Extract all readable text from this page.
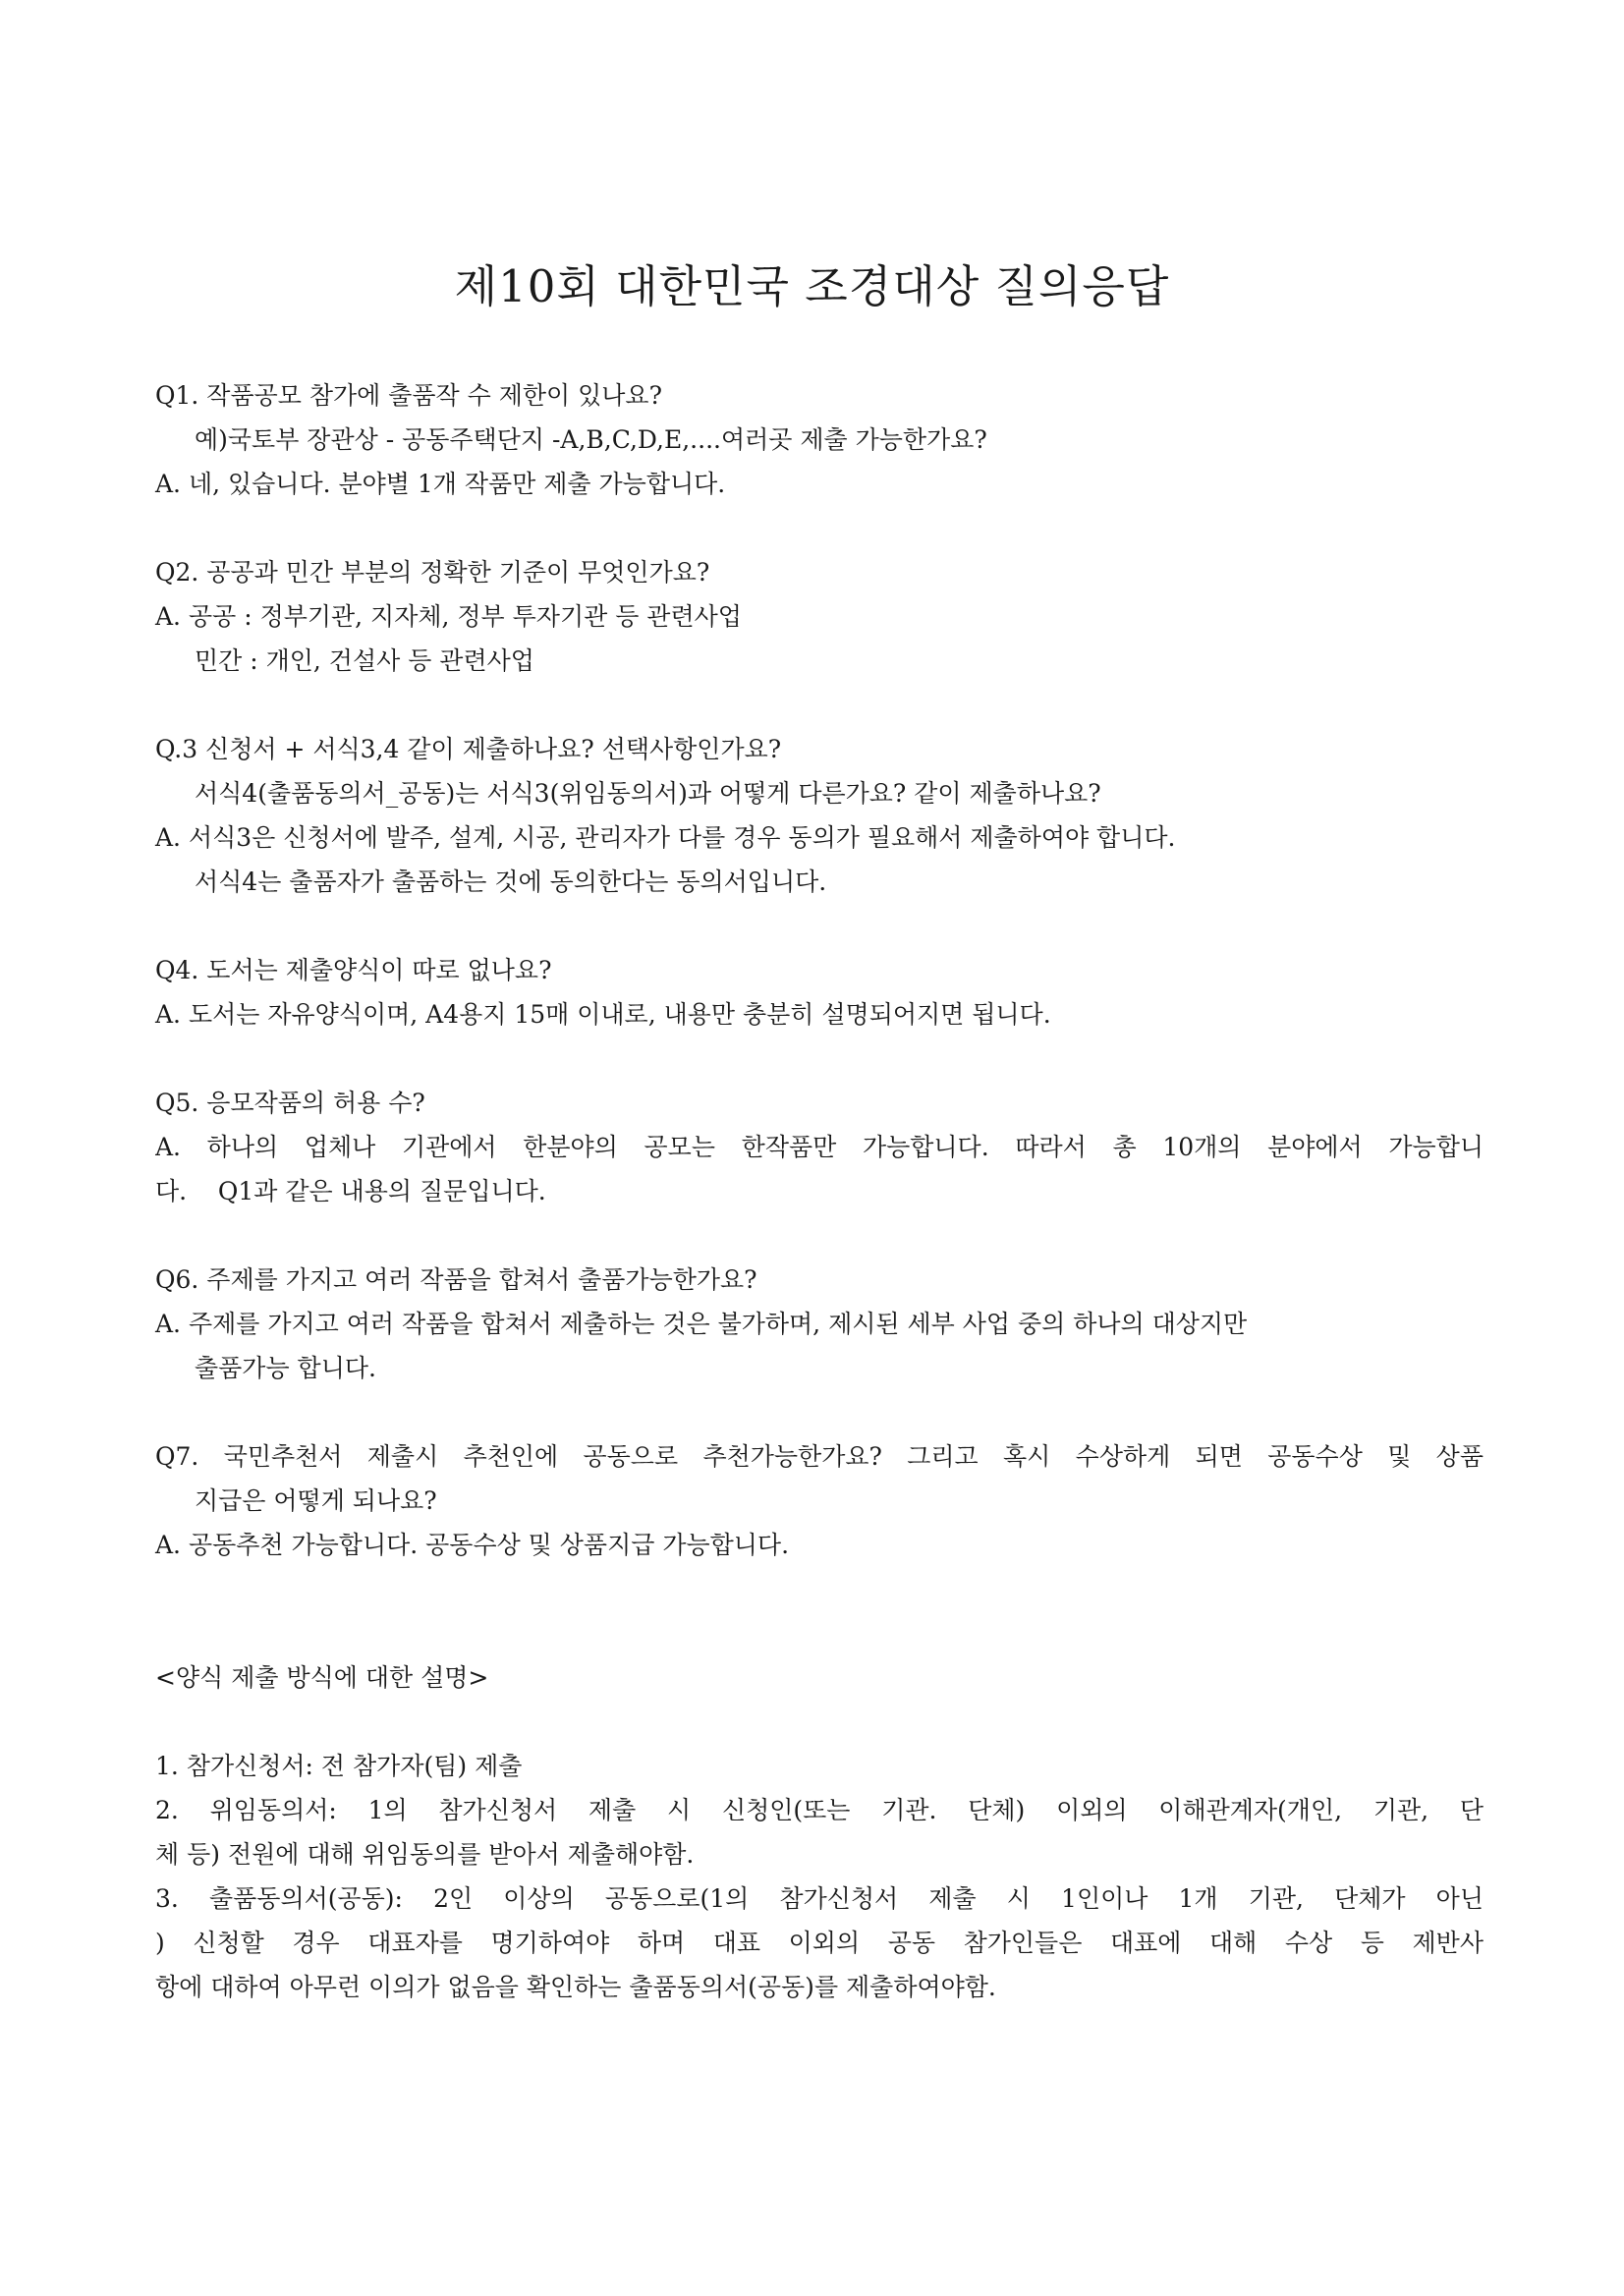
제10회 대한민국 조경대상 질의응답
Q1. 작품공모 참가에 출품작 수 제한이 있나요?
예)국토부 장관상 - 공동주택단지 -A,B,C,D,E,....여러곳 제출 가능한가요?
A. 네, 있습니다. 분야별 1개 작품만 제출 가능합니다.
Q2. 공공과 민간 부분의 정확한 기준이 무엇인가요?
A. 공공 : 정부기관, 지자체, 정부 투자기관 등 관련사업
민간 : 개인, 건설사 등 관련사업
Q.3 신청서 + 서식3,4 같이 제출하나요? 선택사항인가요?
서식4(출품동의서_공동)는 서식3(위임동의서)과 어떻게 다른가요? 같이 제출하나요?
A. 서식3은 신청서에 발주, 설계, 시공, 관리자가 다를 경우 동의가 필요해서 제출하여야 합니다.
서식4는 출품자가 출품하는 것에 동의한다는 동의서입니다.
Q4. 도서는 제출양식이 따로 없나요?
A. 도서는 자유양식이며, A4용지 15매 이내로, 내용만 충분히 설명되어지면 됩니다.
Q5. 응모작품의 허용 수?
A. 하나의 업체나 기관에서 한분야의 공모는 한작품만 가능합니다. 따라서 총 10개의 분야에서 가능합니
다.    Q1과 같은 내용의 질문입니다.
Q6. 주제를 가지고 여러 작품을 합쳐서 출품가능한가요?
A. 주제를 가지고 여러 작품을 합쳐서 제출하는 것은 불가하며, 제시된 세부 사업 중의 하나의 대상지만
출품가능 합니다.
Q7. 국민추천서 제출시 추천인에 공동으로 추천가능한가요? 그리고 혹시 수상하게 되면 공동수상 및 상품
지급은 어떻게 되나요?
A. 공동추천 가능합니다. 공동수상 및 상품지급 가능합니다.
<양식 제출 방식에 대한 설명>
1. 참가신청서: 전 참가자(팀) 제출
2. 위임동의서: 1의 참가신청서 제출 시 신청인(또는 기관. 단체) 이외의 이해관계자(개인, 기관, 단
체 등) 전원에 대해 위임동의를 받아서 제출해야함.
3. 출품동의서(공동): 2인 이상의 공동으로(1의 참가신청서 제출 시 1인이나 1개 기관, 단체가 아닌
) 신청할 경우 대표자를 명기하여야 하며 대표 이외의 공동 참가인들은 대표에 대해 수상 등 제반사
항에 대하여 아무런 이의가 없음을 확인하는 출품동의서(공동)를 제출하여야함.
